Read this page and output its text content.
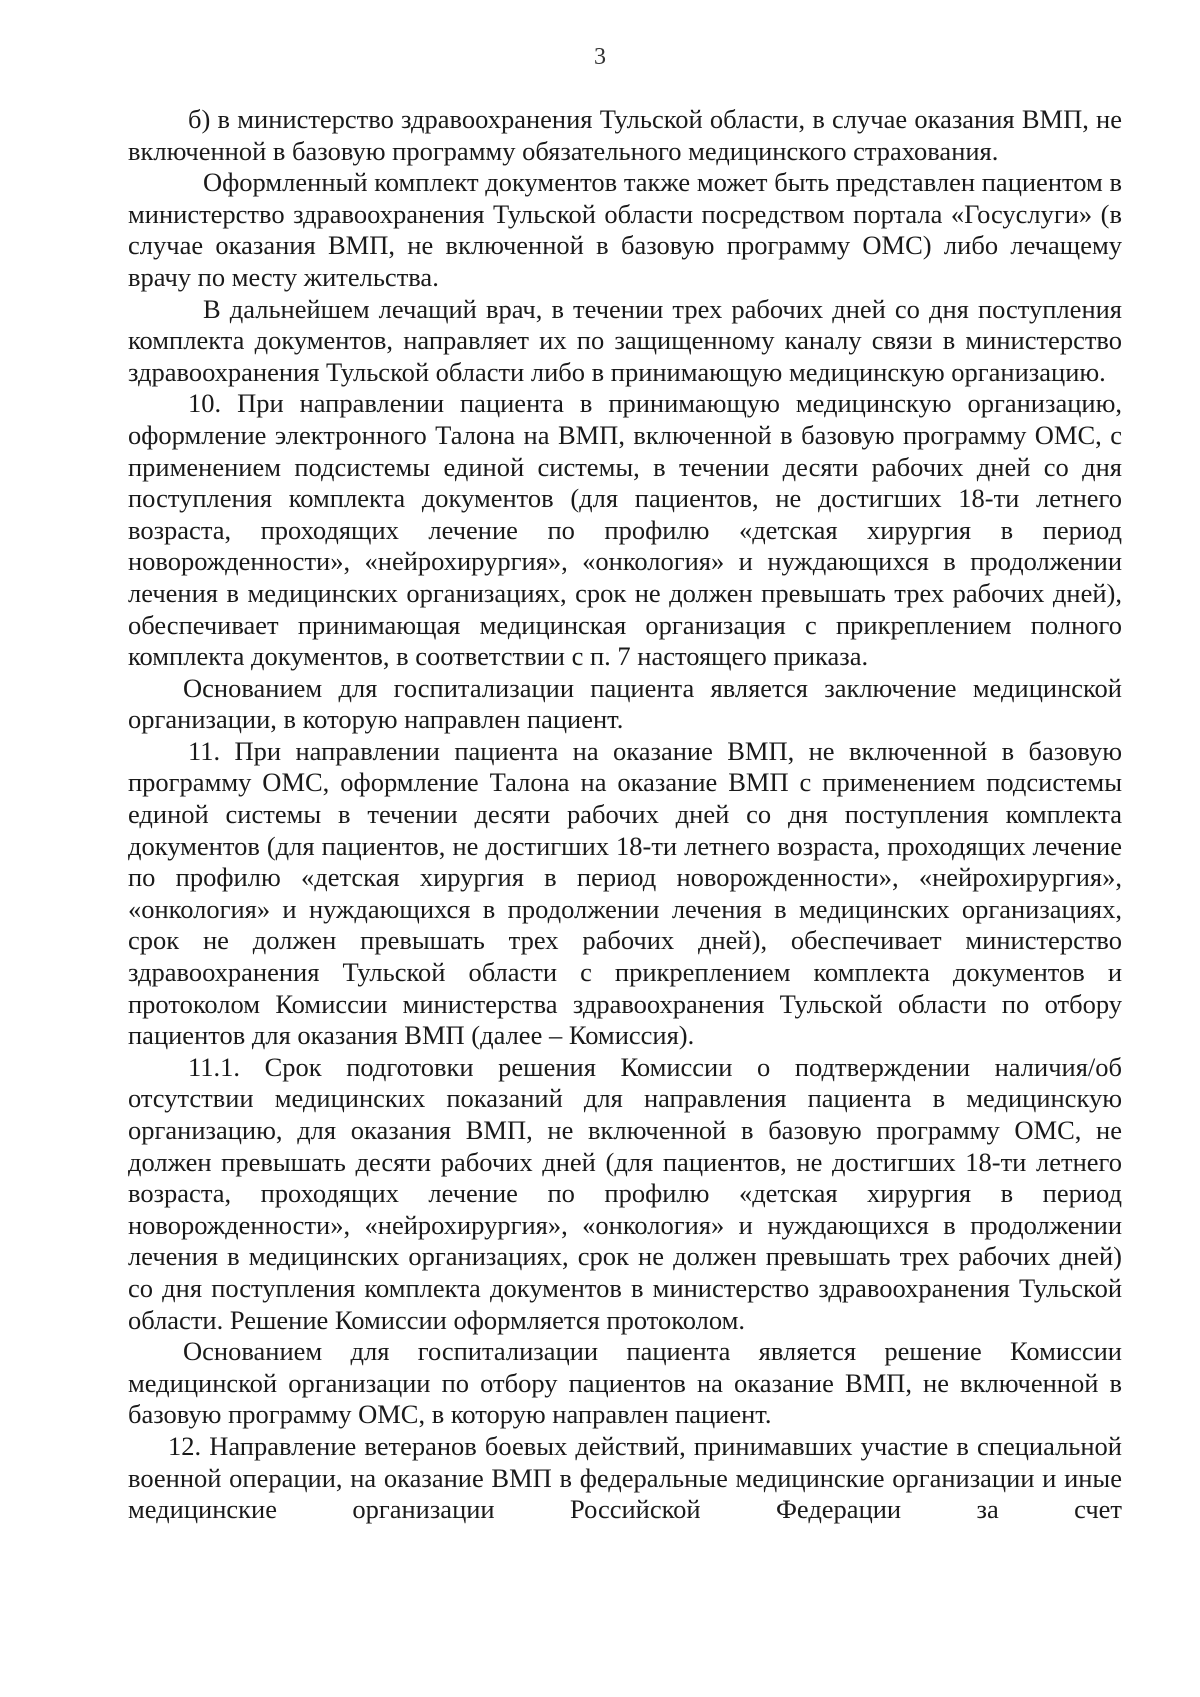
3

б) в министерство здравоохранения Тульской области, в случае оказания ВМП, не включенной в базовую программу обязательного медицинского страхования.

Оформленный комплект документов также может быть представлен пациентом в министерство здравоохранения Тульской области посредством портала «Госуслуги» (в случае оказания ВМП, не включенной в базовую программу ОМС) либо лечащему врачу по месту жительства.

В дальнейшем лечащий врач, в течении трех рабочих дней со дня поступления комплекта документов, направляет их по защищенному каналу связи в министерство здравоохранения Тульской области либо в принимающую медицинскую организацию.

10. При направлении пациента в принимающую медицинскую организацию, оформление электронного Талона на ВМП, включенной в базовую программу ОМС, с применением подсистемы единой системы, в течении десяти рабочих дней со дня поступления комплекта документов (для пациентов, не достигших 18-ти летнего возраста, проходящих лечение по профилю «детская хирургия в период новорожденности», «нейрохирургия», «онкология» и нуждающихся в продолжении лечения в медицинских организациях, срок не должен превышать трех рабочих дней), обеспечивает принимающая медицинская организация с прикреплением полного комплекта документов, в соответствии с п. 7 настоящего приказа.

Основанием для госпитализации пациента является заключение медицинской организации, в которую направлен пациент.

11. При направлении пациента на оказание ВМП, не включенной в базовую программу ОМС, оформление Талона на оказание ВМП с применением подсистемы единой системы в течении десяти рабочих дней со дня поступления комплекта документов (для пациентов, не достигших 18-ти летнего возраста, проходящих лечение по профилю «детская хирургия в период новорожденности», «нейрохирургия», «онкология» и нуждающихся в продолжении лечения в медицинских организациях, срок не должен превышать трех рабочих дней), обеспечивает министерство здравоохранения Тульской области с прикреплением комплекта документов и протоколом Комиссии министерства здравоохранения Тульской области по отбору пациентов для оказания ВМП (далее – Комиссия).

11.1. Срок подготовки решения Комиссии о подтверждении наличия/об отсутствии медицинских показаний для направления пациента в медицинскую организацию, для оказания ВМП, не включенной в базовую программу ОМС, не должен превышать десяти рабочих дней (для пациентов, не достигших 18-ти летнего возраста, проходящих лечение по профилю «детская хирургия в период новорожденности», «нейрохирургия», «онкология» и нуждающихся в продолжении лечения в медицинских организациях, срок не должен превышать трех рабочих дней) со дня поступления комплекта документов в министерство здравоохранения Тульской области. Решение Комиссии оформляется протоколом.

Основанием для госпитализации пациента является решение Комиссии медицинской организации по отбору пациентов на оказание ВМП, не включенной в базовую программу ОМС, в которую направлен пациент.

12. Направление ветеранов боевых действий, принимавших участие в специальной военной операции, на оказание ВМП в федеральные медицинские организации и иные медицинские организации Российской Федерации за счет
